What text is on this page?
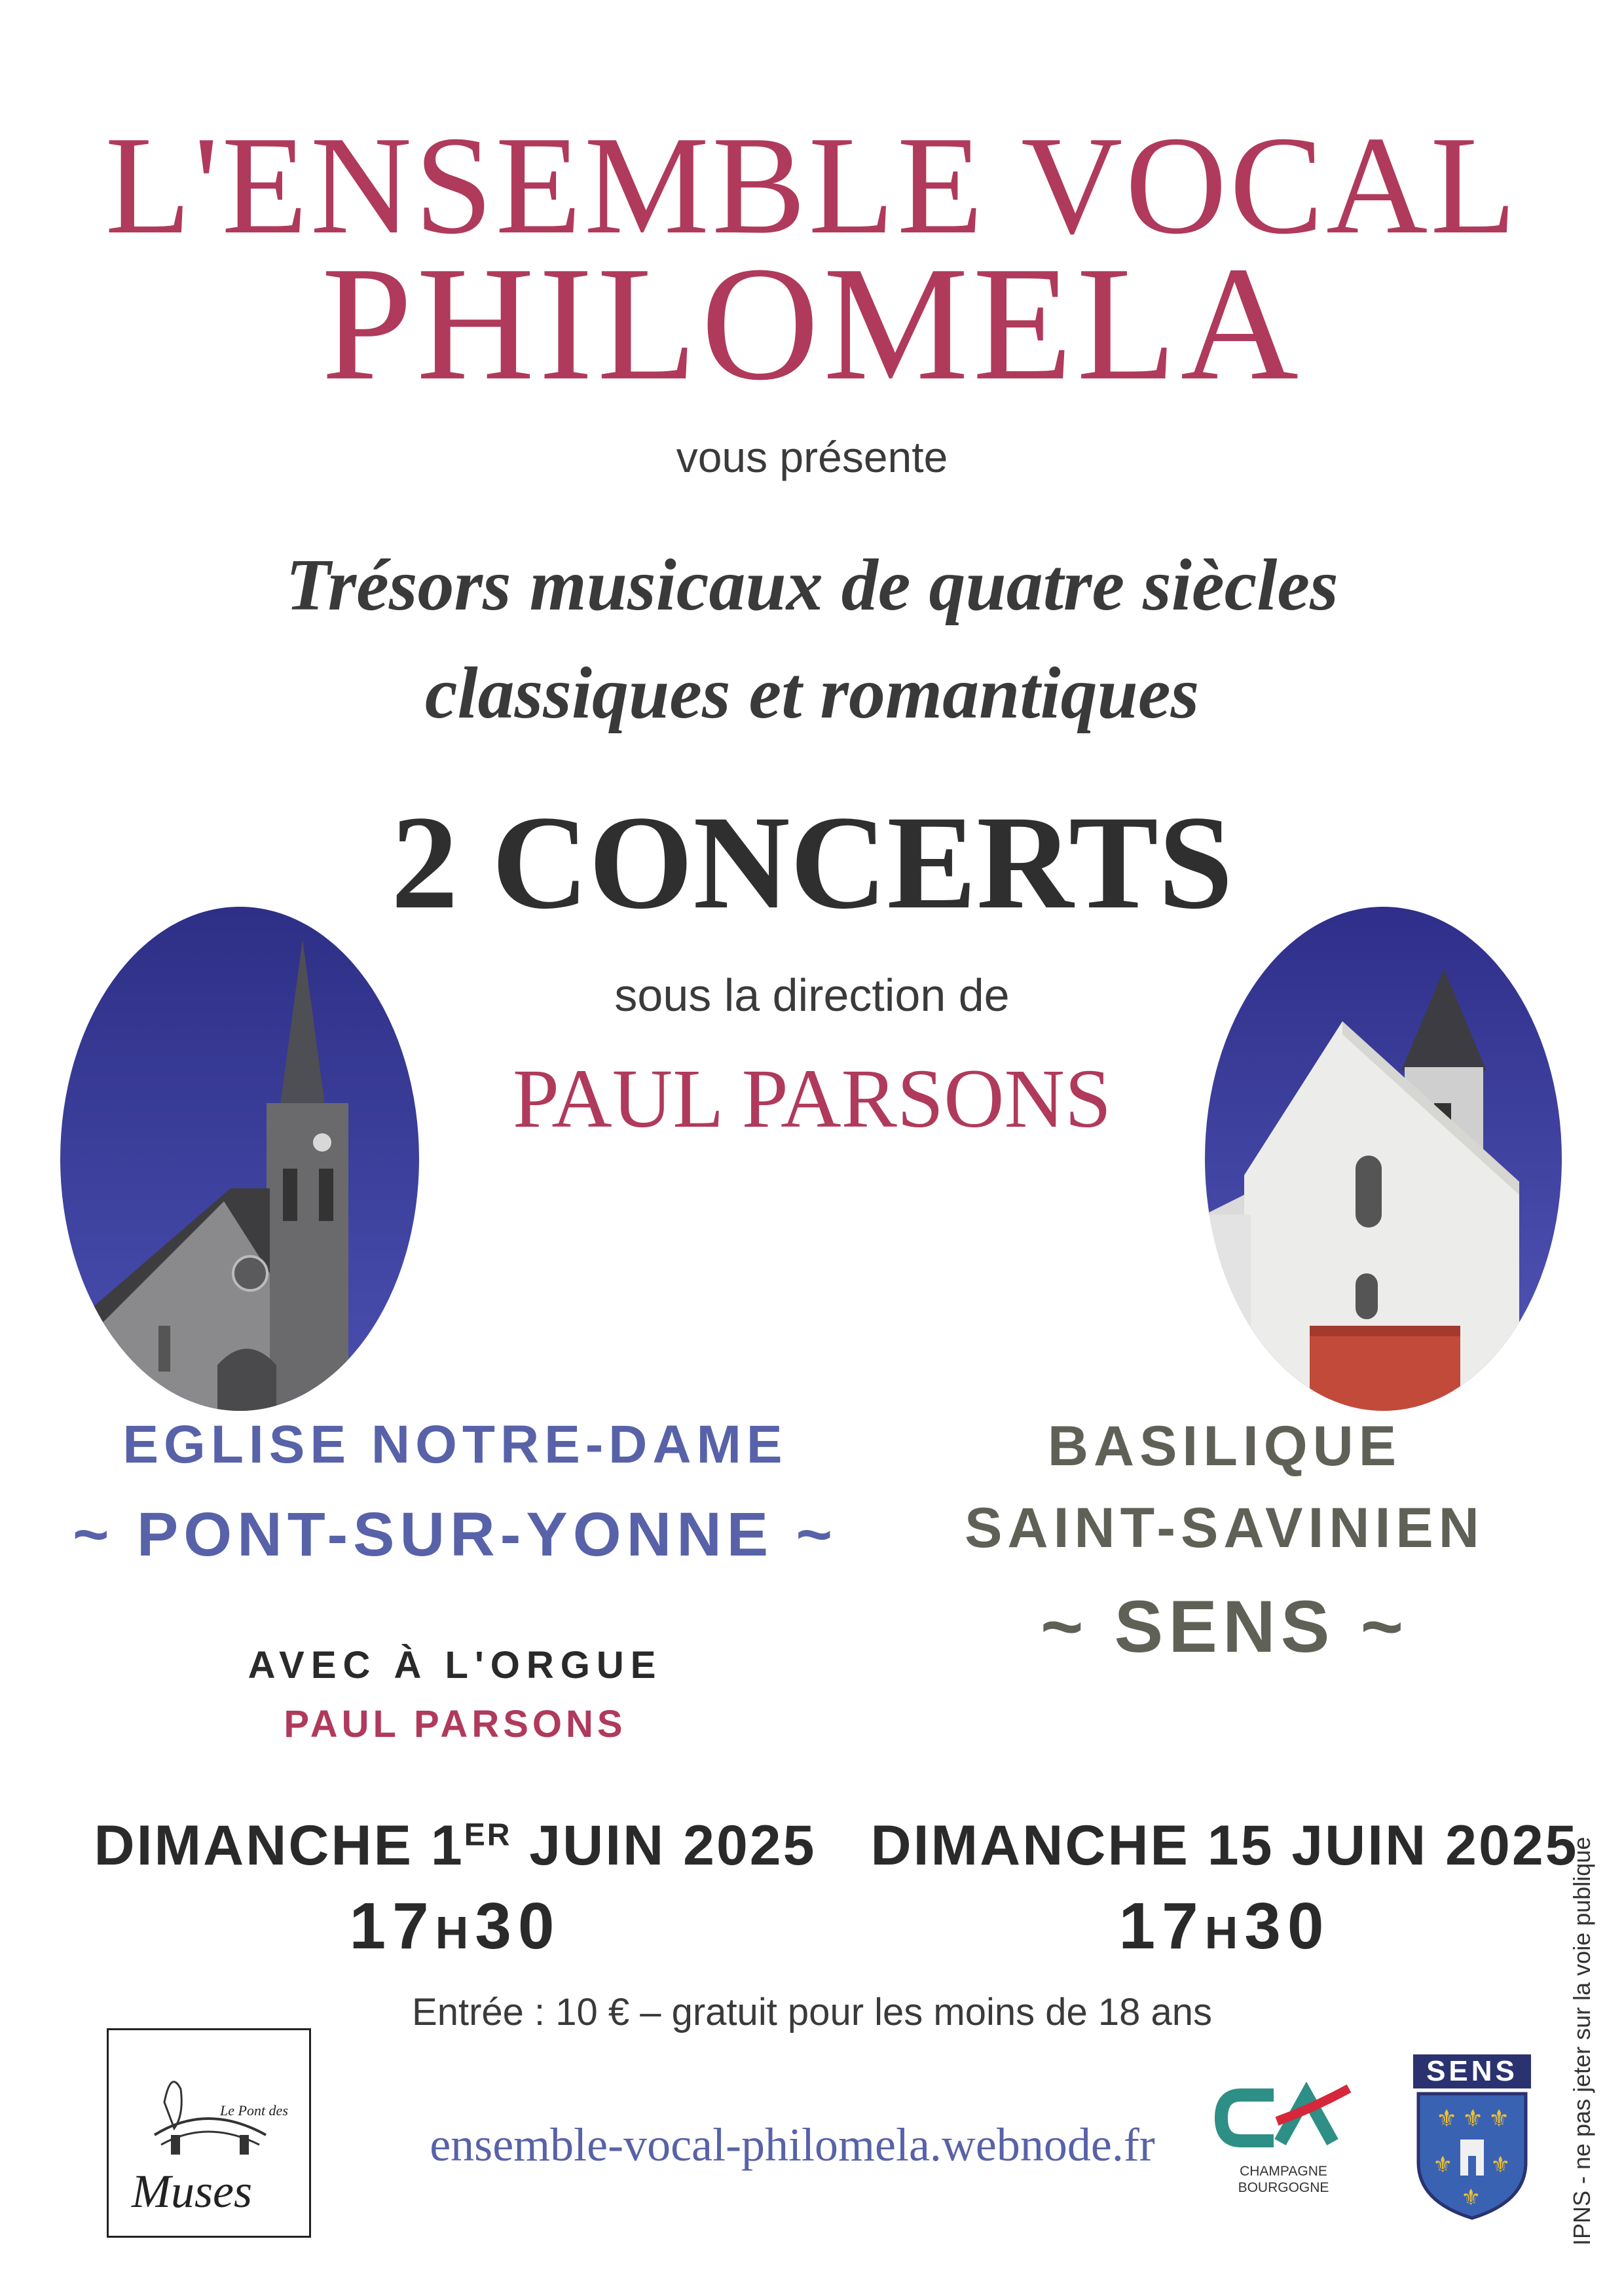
L'ENSEMBLE VOCAL
PHILOMELA
vous présente
Trésors musicaux de quatre siècles
classiques et romantiques
2 CONCERTS
sous la direction de
PAUL PARSONS
EGLISE NOTRE-DAME
~ PONT-SUR-YONNE ~
AVEC À L'ORGUE
PAUL PARSONS
BASILIQUE
SAINT-SAVINIEN
~ SENS ~
DIMANCHE 1ER JUIN 2025 DIMANCHE 15 JUIN 2025
17H30	17H30
Entrée : 10 € – gratuit pour les moins de 18 ans
Le Pont des
Muses
ensemble-vocal-philomela.webnode.fr
CHAMPAGNE
BOURGOGNE
SENS
⚜ ⚜ ⚜
⚜ ⚜
⚜	IPNS - ne pas jeter sur la voie publique
